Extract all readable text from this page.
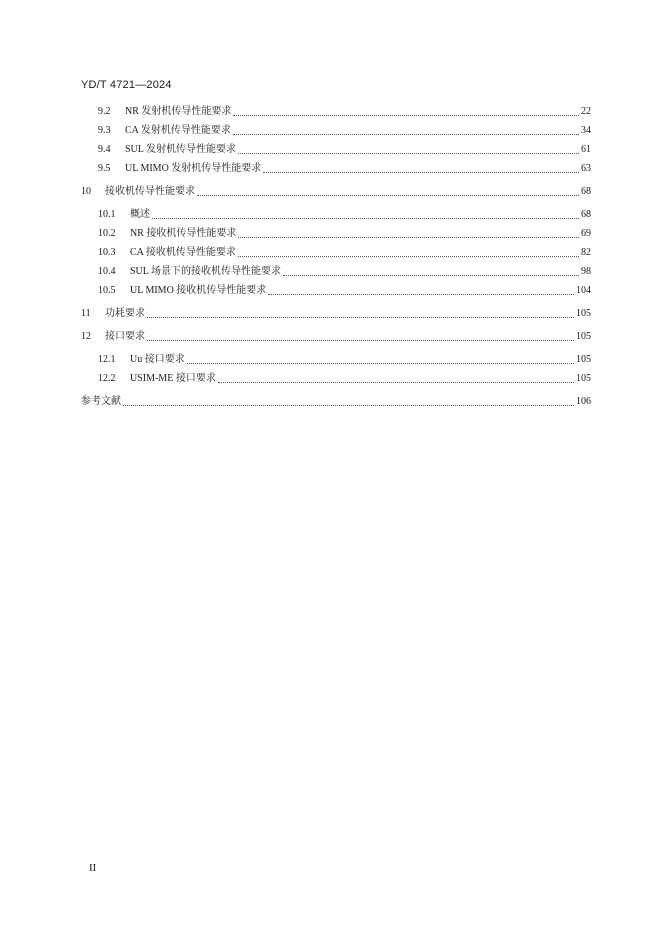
YD/T 4721—2024
9.2	NR 发射机传导性能要求	22
9.3	CA 发射机传导性能要求	34
9.4	SUL 发射机传导性能要求	61
9.5	UL MIMO 发射机传导性能要求	63
10	接收机传导性能要求	68
10.1	概述	68
10.2	NR 接收机传导性能要求	69
10.3	CA 接收机传导性能要求	82
10.4	SUL 场景下的接收机传导性能要求	98
10.5	UL MIMO 接收机传导性能要求	104
11	功耗要求	105
12	接口要求	105
12.1	Uu 接口要求	105
12.2	USIM-ME 接口要求	105
参考文献	106
II
